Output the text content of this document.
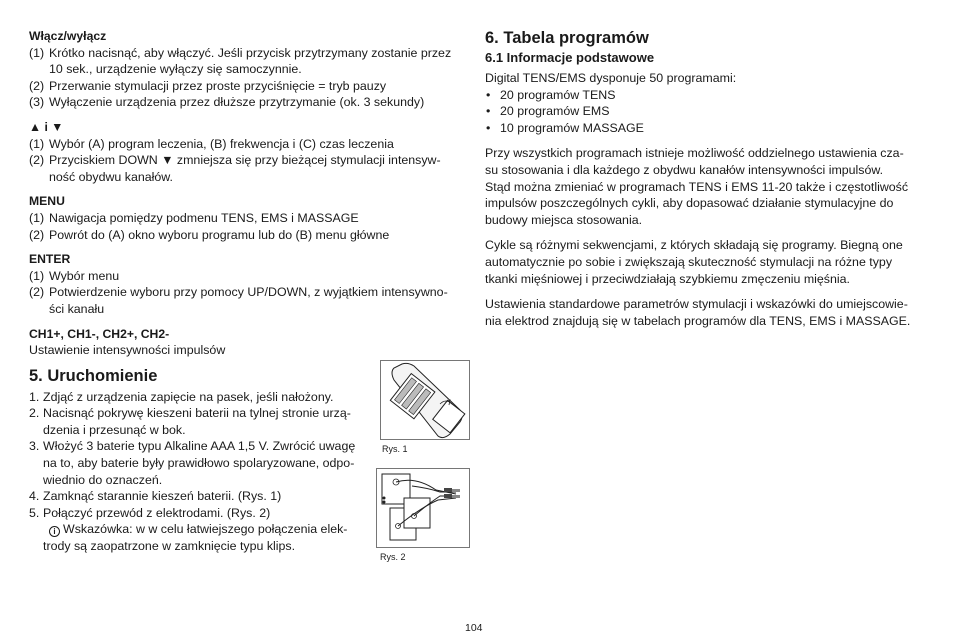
Włącz/wyłącz
(1) Krótko nacisnąć, aby włączyć. Jeśli przycisk przytrzymany zostanie przez
10 sek., urządzenie wyłączy się samoczynnie.
(2) Przerwanie stymulacji przez proste przyciśnięcie = tryb pauzy
(3) Wyłączenie urządzenia przez dłuższe przytrzymanie (ok. 3 sekundy)
▲ i ▼
(1) Wybór (A) program leczenia, (B) frekwencja i (C) czas leczenia
(2) Przyciskiem DOWN ▼ zmniejsza się przy bieżącej stymulacji intensyw-
ność obydwu kanałów.
MENU
(1) Nawigacja pomiędzy podmenu TENS, EMS i MASSAGE
(2) Powrót do (A) okno wyboru programu lub do (B) menu główne
ENTER
(1) Wybór menu
(2) Potwierdzenie wyboru przy pomocy UP/DOWN, z wyjątkiem intensywno-
ści kanału
CH1+, CH1-, CH2+, CH2-
Ustawienie intensywności impulsów
5. Uruchomienie
1. Zdjąć z urządzenia zapięcie na pasek, jeśli nałożony.
2. Nacisnąć pokrywę kieszeni baterii na tylnej stronie urzą-
dzenia i przesunąć w bok.
3. Włożyć 3 baterie typu Alkaline AAA 1,5 V. Zwrócić uwagę
na to, aby baterie były prawidłowo spolaryzowane, odpo-
wiednio do oznaczeń.
4. Zamknąć starannie kieszeń baterii. (Rys. 1)
5. Połączyć przewód z elektrodami. (Rys. 2)
i Wskazówka: w w celu łatwiejszego połączenia elek-
trody są zaopatrzone w zamknięcie typu klips.
Rys. 1
Rys. 2
6. Tabela programów
6.1 Informacje podstawowe
Digital TENS/EMS dysponuje 50 programami:
• 20 programów TENS
• 20 programów EMS
• 10 programów MASSAGE
Przy wszystkich programach istnieje możliwość oddzielnego ustawienia cza-
su stosowania i dla każdego z obydwu kanałów intensywności impulsów.
Stąd można zmieniać w programach TENS i EMS 11-20 także i częstotliwość
impulsów poszczególnych cykli, aby dopasować działanie stymulacyjne do
budowy miejsca stosowania.
Cykle są różnymi sekwencjami, z których składają się programy. Biegną one
automatycznie po sobie i zwiększają skuteczność stymulacji na różne typy
tkanki mięśniowej i przeciwdziałają szybkiemu zmęczeniu mięśnia.
Ustawienia standardowe parametrów stymulacji i wskazówki do umiejscowie-
nia elektrod znajdują się w tabelach programów dla TENS, EMS i MASSAGE.
104
